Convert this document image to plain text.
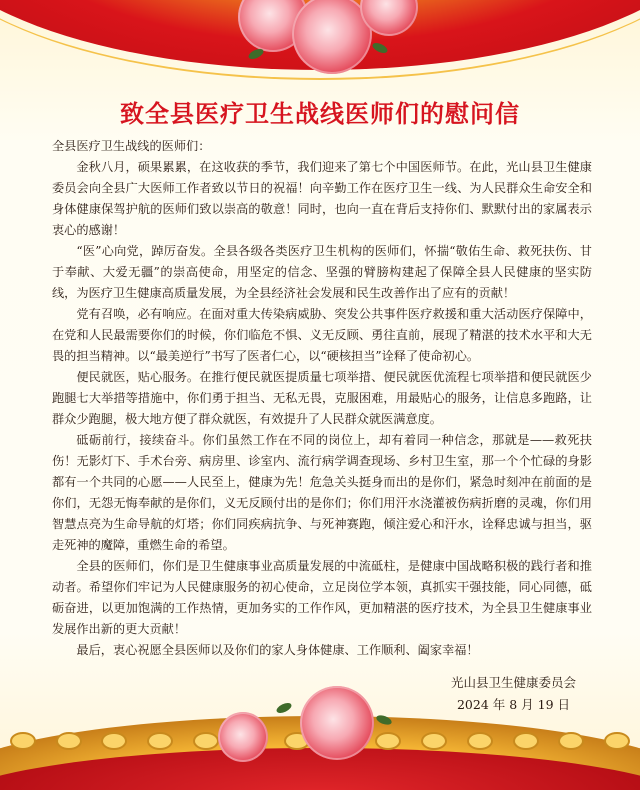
致全县医疗卫生战线医师们的慰问信

全县医疗卫生战线的医师们：

金秋八月，硕果累累，在这收获的季节，我们迎来了第七个中国医师节。在此，光山县卫生健康委员会向全县广大医师工作者致以节日的祝福！向辛勤工作在医疗卫生一线、为人民群众生命安全和身体健康保驾护航的医师们致以崇高的敬意！同时，也向一直在背后支持你们、默默付出的家属表示衷心的感谢！

“医”心向党，踔厉奋发。全县各级各类医疗卫生机构的医师们，怀揣“敬佑生命、救死扶伤、甘于奉献、大爱无疆”的崇高使命，用坚定的信念、坚强的臂膀构建起了保障全县人民健康的坚实防线，为医疗卫生健康高质量发展，为全县经济社会发展和民生改善作出了应有的贡献！

党有召唤，必有响应。在面对重大传染病威胁、突发公共事件医疗救援和重大活动医疗保障中，在党和人民最需要你们的时候，你们临危不惧、义无反顾、勇往直前，展现了精湛的技术水平和大无畏的担当精神。以“最美逆行”书写了医者仁心，以“硬核担当”诠释了使命初心。

便民就医，贴心服务。在推行便民就医提质量七项举措、便民就医优流程七项举措和便民就医少跑腿七大举措等措施中，你们勇于担当、无私无畏，克服困难，用最贴心的服务，让信息多跑路，让群众少跑腿，极大地方便了群众就医，有效提升了人民群众就医满意度。

砥砺前行，接续奋斗。你们虽然工作在不同的岗位上，却有着同一种信念，那就是——救死扶伤！无影灯下、手术台旁、病房里、诊室内、流行病学调查现场、乡村卫生室，那一个个忙碌的身影都有一个共同的心愿——人民至上，健康为先！危急关头挺身而出的是你们，紧急时刻冲在前面的是你们，无怨无悔奉献的是你们，义无反顾付出的是你们；你们用汗水浇灌被伤病折磨的灵魂，你们用智慧点亮为生命导航的灯塔；你们同疾病抗争、与死神赛跑，倾注爱心和汗水，诠释忠诚与担当，驱走死神的魔障，重燃生命的希望。

全县的医师们，你们是卫生健康事业高质量发展的中流砥柱，是健康中国战略积极的践行者和推动者。希望你们牢记为人民健康服务的初心使命，立足岗位学本领，真抓实干强技能，同心同德，砥砺奋进，以更加饱满的工作热情，更加务实的工作作风，更加精湛的医疗技术，为全县卫生健康事业发展作出新的更大贡献！

最后，衷心祝愿全县医师以及你们的家人身体健康、工作顺利、阖家幸福！

光山县卫生健康委员会
2024 年 8 月 19 日
